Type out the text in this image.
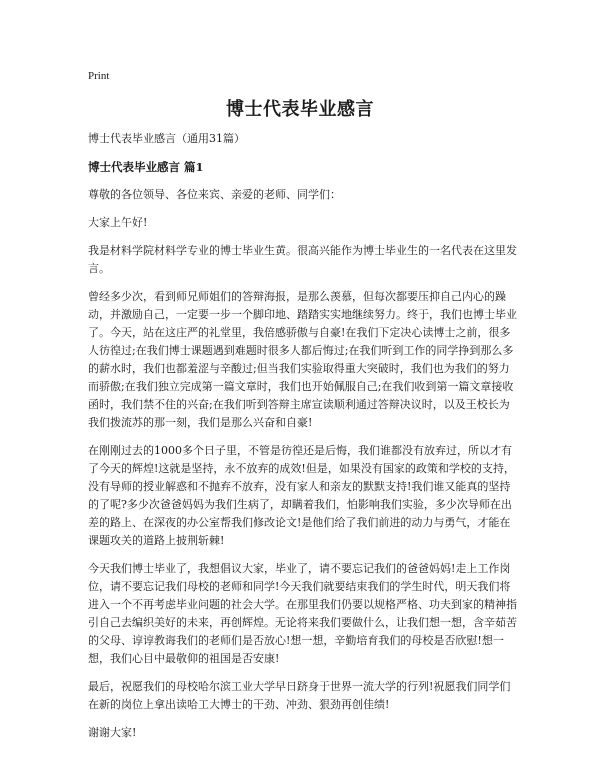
Print
博士代表毕业感言

博士代表毕业感言（通用31篇）

博士代表毕业感言 篇1

尊敬的各位领导、各位来宾、亲爱的老师、同学们：

大家上午好!

我是材料学院材料学专业的博士毕业生黄。很高兴能作为博士毕业生的一名代表在这里发言。

曾经多少次，看到师兄师姐们的答辩海报，是那么羡慕，但每次都要压抑自己内心的躁动，并激励自己，一定要一步一个脚印地、踏踏实实地继续努力。终于，我们也博士毕业了。今天，站在这庄严的礼堂里，我倍感骄傲与自豪!在我们下定决心读博士之前，很多人彷徨过;在我们博士课题遇到难题时很多人都后悔过;在我们听到工作的同学挣到那么多的薪水时，我们也都羞涩与辛酸过;但当我们实验取得重大突破时，我们也为我们的努力而骄傲;在我们独立完成第一篇文章时，我们也开始佩服自己;在我们收到第一篇文章接收函时，我们禁不住的兴奋;在我们听到答辩主席宣读顺利通过答辩决议时，以及王校长为我们拨流苏的那一刻，我们是那么兴奋和自豪!

在刚刚过去的1000多个日子里，不管是彷徨还是后悔，我们谁都没有放弃过，所以才有了今天的辉煌!这就是坚持，永不放弃的成效!但是，如果没有国家的政策和学校的支持，没有导师的授业解惑和不抛弃不放弃，没有家人和亲友的默默支持!我们谁又能真的坚持的了呢?多少次爸爸妈妈为我们生病了，却瞒着我们，怕影响我们实验，多少次导师在出差的路上、在深夜的办公室帮我们修改论文!是他们给了我们前进的动力与勇气，才能在课题攻关的道路上披荆斩棘!

今天我们博士毕业了，我想倡议大家，毕业了，请不要忘记我们的爸爸妈妈!走上工作岗位，请不要忘记我们母校的老师和同学!今天我们就要结束我们的学生时代，明天我们将进入一个不再考虑毕业问题的社会大学。在那里我们仍要以规格严格、功夫到家的精神指引自己去编织美好的未来，再创辉煌。无论将来我们要做什么，让我们想一想，含辛茹苦的父母、谆谆教诲我们的老师们是否放心!想一想，辛勤培育我们的母校是否欣慰!想一想，我们心目中最敬仰的祖国是否安康!

最后，祝愿我们的母校哈尔滨工业大学早日跻身于世界一流大学的行列!祝愿我们同学们在新的岗位上拿出读哈工大博士的干劲、冲劲、狠劲再创佳绩!

谢谢大家!
